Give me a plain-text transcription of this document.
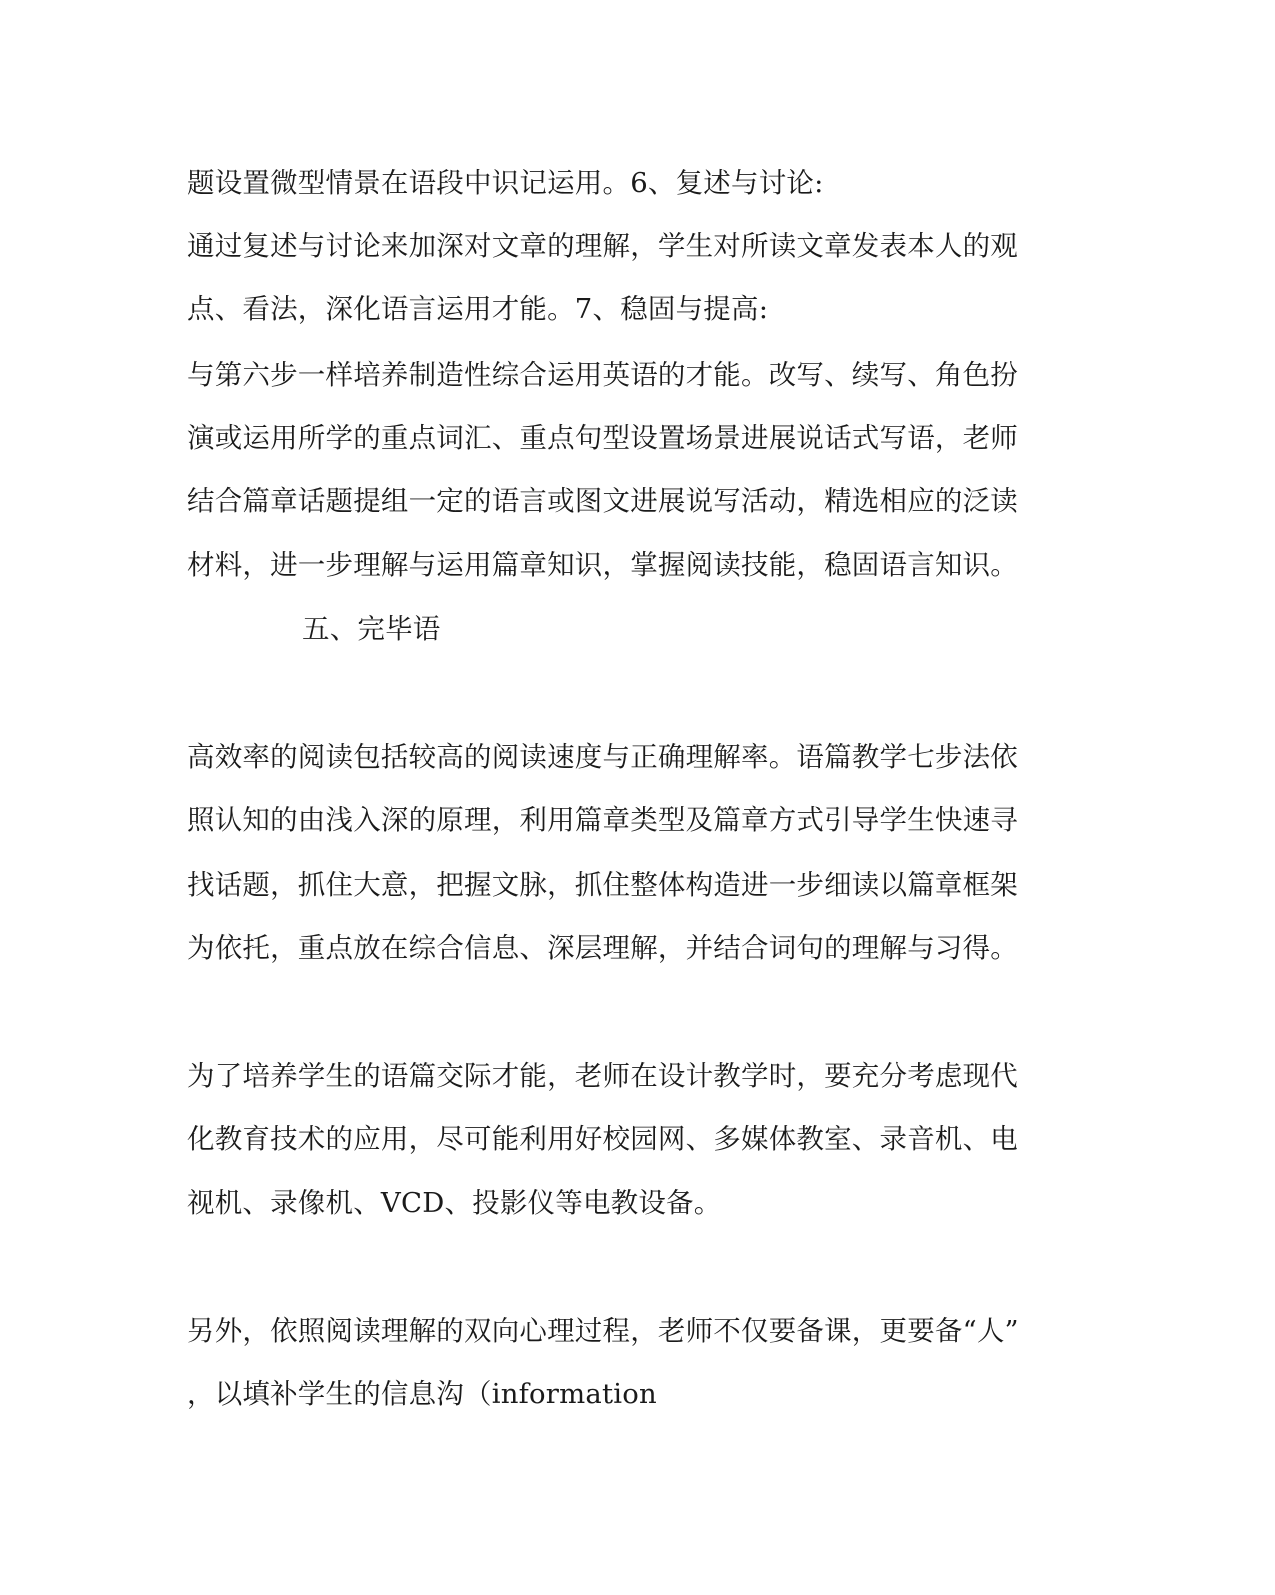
题设置微型情景在语段中识记运用。6、复述与讨论:
通过复述与讨论来加深对文章的理解，学生对所读文章发表本人的观
点、看法，深化语言运用才能。7、稳固与提高:
与第六步一样培养制造性综合运用英语的才能。改写、续写、角色扮
演或运用所学的重点词汇、重点句型设置场景进展说话式写语，老师
结合篇章话题提组一定的语言或图文进展说写活动，精选相应的泛读
材料，进一步理解与运用篇章知识，掌握阅读技能，稳固语言知识。
五、完毕语
高效率的阅读包括较高的阅读速度与正确理解率。语篇教学七步法依
照认知的由浅入深的原理，利用篇章类型及篇章方式引导学生快速寻
找话题，抓住大意，把握文脉，抓住整体构造进一步细读以篇章框架
为依托，重点放在综合信息、深层理解，并结合词句的理解与习得。
为了培养学生的语篇交际才能，老师在设计教学时，要充分考虑现代
化教育技术的应用，尽可能利用好校园网、多媒体教室、录音机、电
视机、录像机、VCD、投影仪等电教设备。
另外，依照阅读理解的双向心理过程，老师不仅要备课，更要备“人”
，以填补学生的信息沟（information
